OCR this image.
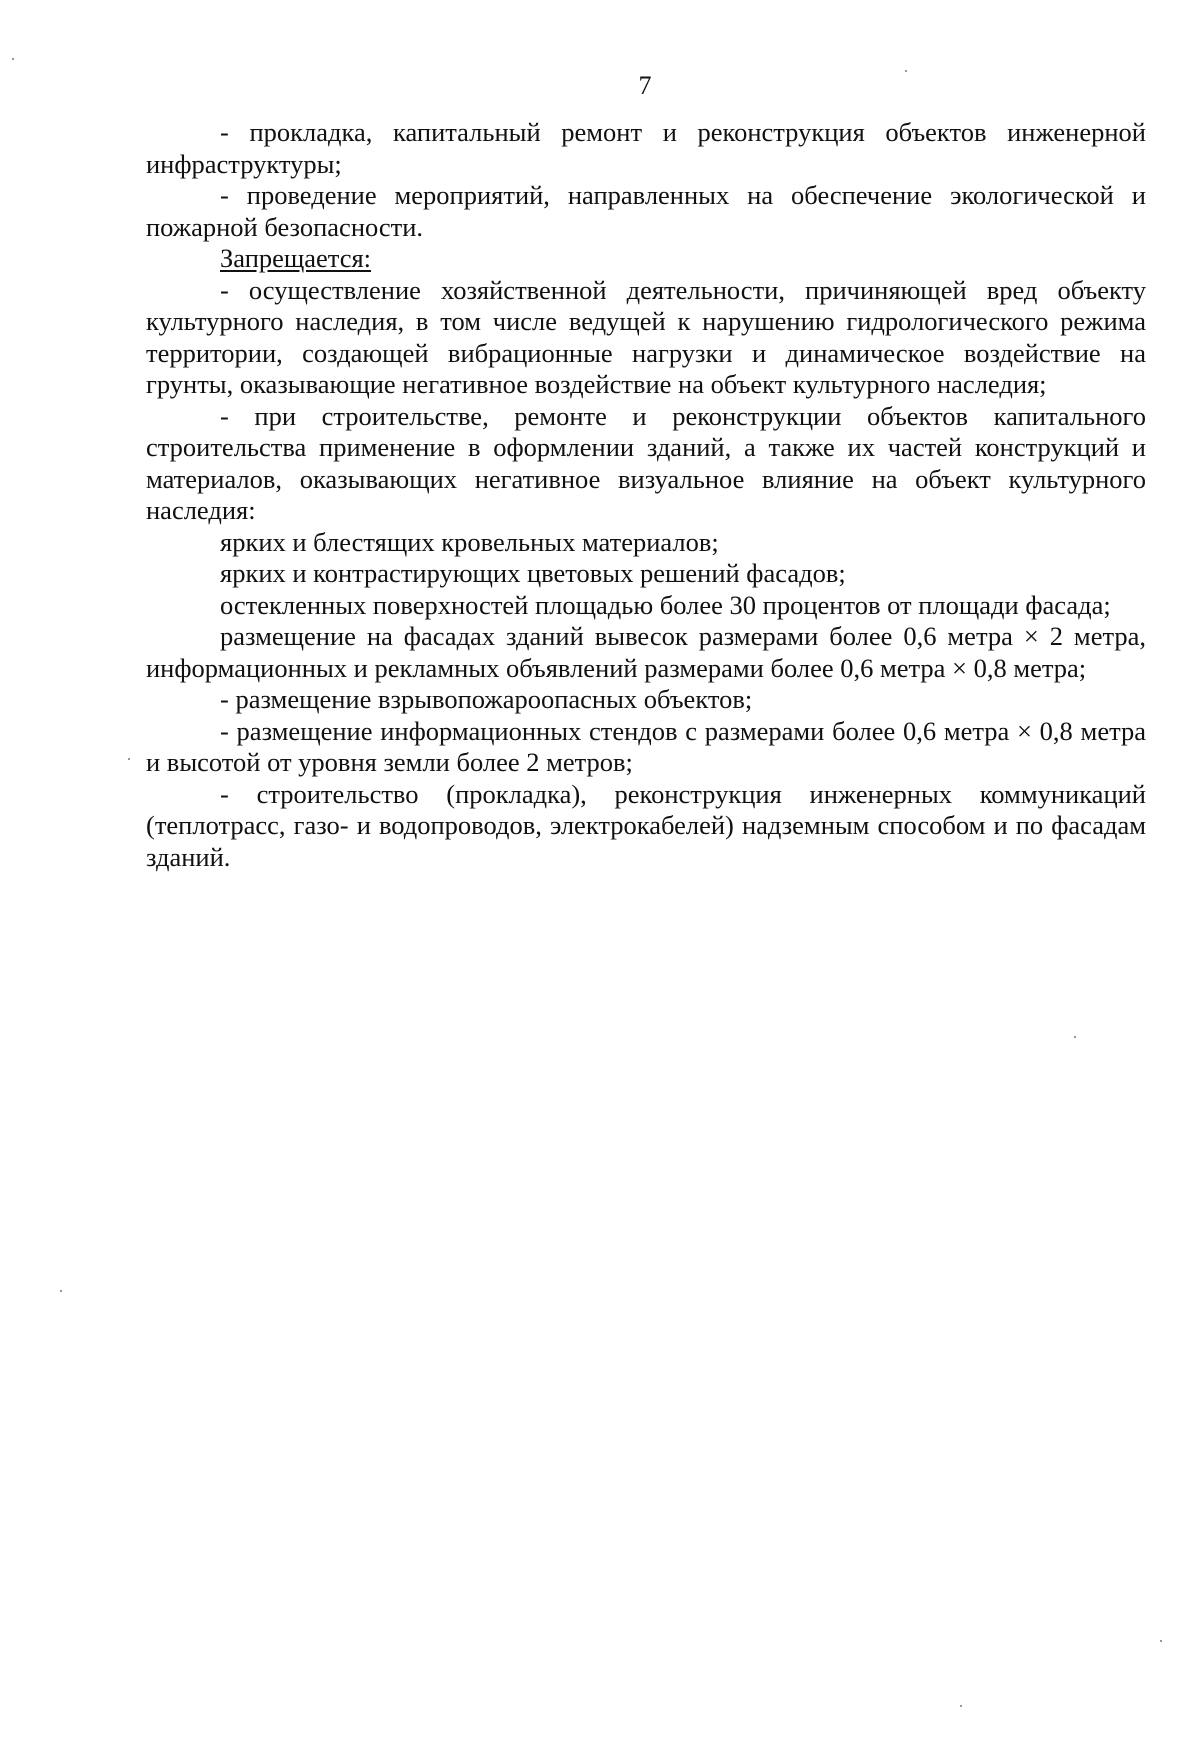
7

- прокладка, капитальный ремонт и реконструкция объектов инженерной инфраструктуры;

- проведение мероприятий, направленных на обеспечение экологической и пожарной безопасности.

Запрещается:

- осуществление хозяйственной деятельности, причиняющей вред объекту культурного наследия, в том числе ведущей к нарушению гидрологического режима территории, создающей вибрационные нагрузки и динамическое воздействие на грунты, оказывающие негативное воздействие на объект культурного наследия;

- при строительстве, ремонте и реконструкции объектов капитального строительства применение в оформлении зданий, а также их частей конструкций и материалов, оказывающих негативное визуальное влияние на объект культурного наследия:

ярких и блестящих кровельных материалов;

ярких и контрастирующих цветовых решений фасадов;

остекленных поверхностей площадью более 30 процентов от площади фасада;

размещение на фасадах зданий вывесок размерами более 0,6 метра × 2 метра, информационных и рекламных объявлений размерами более 0,6 метра × 0,8 метра;

- размещение взрывопожароопасных объектов;

- размещение информационных стендов с размерами более 0,6 метра × 0,8 метра и высотой от уровня земли более 2 метров;

- строительство (прокладка), реконструкция инженерных коммуникаций (теплотрасс, газо- и водопроводов, электрокабелей) надземным способом и по фасадам зданий.
